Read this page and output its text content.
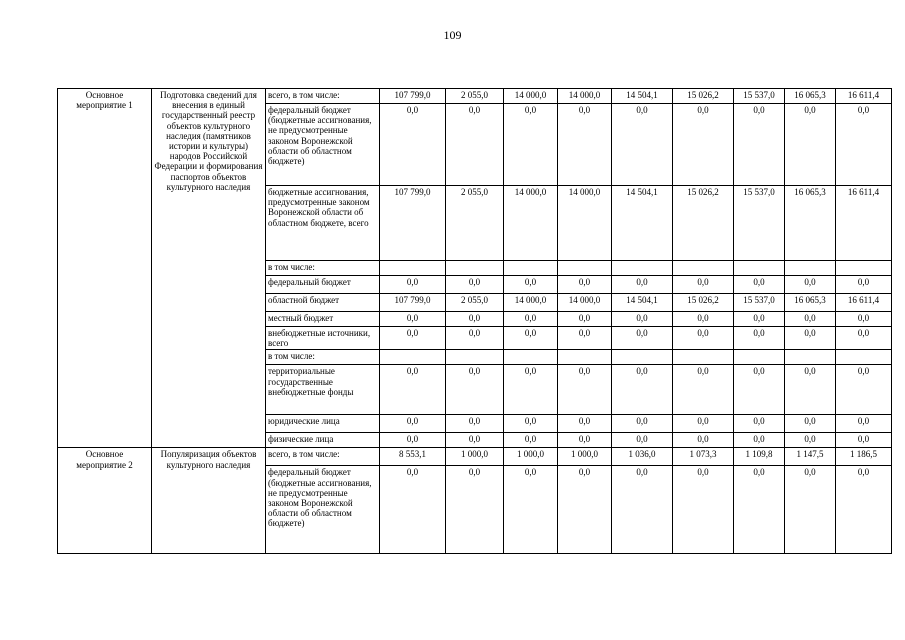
109
Основное мероприятие 1	Подготовка сведений для внесения в единый государственный реестр объектов культурного наследия (памятников истории и культуры) народов Российской Федерации и формирования паспортов объектов культурного наследия	всего, в том числе:	107 799,0	2 055,0	14 000,0	14 000,0	14 504,1	15 026,2	15 537,0	16 065,3	16 611,4
		федеральный бюджет (бюджетные ассигнования, не предусмотренные законом Воронежской области об областном бюджете)	0,0	0,0	0,0	0,0	0,0	0,0	0,0	0,0	0,0
		бюджетные ассигнования, предусмотренные законом Воронежской области об областном бюджете, всего	107 799,0	2 055,0	14 000,0	14 000,0	14 504,1	15 026,2	15 537,0	16 065,3	16 611,4
		в том числе:									
		федеральный бюджет	0,0	0,0	0,0	0,0	0,0	0,0	0,0	0,0	0,0
		областной бюджет	107 799,0	2 055,0	14 000,0	14 000,0	14 504,1	15 026,2	15 537,0	16 065,3	16 611,4
		местный бюджет	0,0	0,0	0,0	0,0	0,0	0,0	0,0	0,0	0,0
		внебюджетные источники, всего	0,0	0,0	0,0	0,0	0,0	0,0	0,0	0,0	0,0
		в том числе:									
		территориальные государственные внебюджетные фонды	0,0	0,0	0,0	0,0	0,0	0,0	0,0	0,0	0,0
		юридические лица	0,0	0,0	0,0	0,0	0,0	0,0	0,0	0,0	0,0
		физические лица	0,0	0,0	0,0	0,0	0,0	0,0	0,0	0,0	0,0
Основное мероприятие 2	Популяризация объектов культурного наследия	всего, в том числе:	8 553,1	1 000,0	1 000,0	1 000,0	1 036,0	1 073,3	1 109,8	1 147,5	1 186,5
		федеральный бюджет (бюджетные ассигнования, не предусмотренные законом Воронежской области об областном бюджете)	0,0	0,0	0,0	0,0	0,0	0,0	0,0	0,0	0,0
